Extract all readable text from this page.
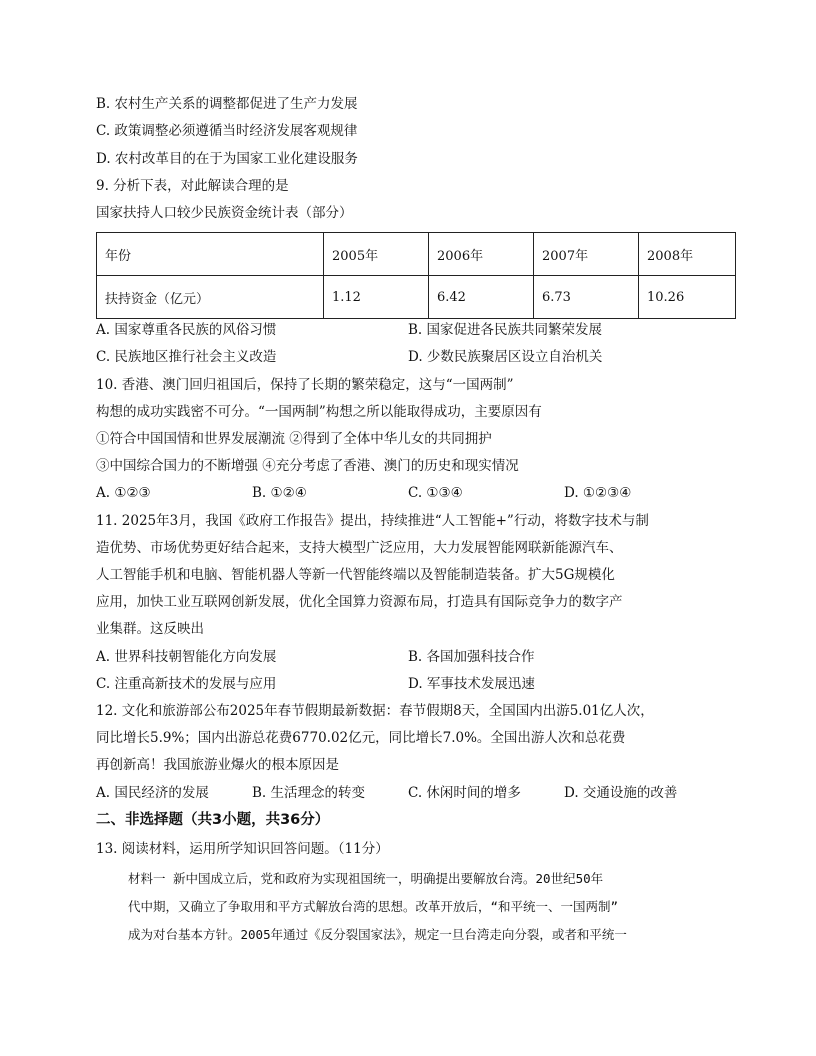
B. 农村生产关系的调整都促进了生产力发展
C. 政策调整必须遵循当时经济发展客观规律
D. 农村改革目的在于为国家工业化建设服务
9. 分析下表，对此解读合理的是
国家扶持人口较少民族资金统计表（部分）
年份	2005年	2006年	2007年	2008年
扶持资金（亿元）	1.12	6.42	6.73	10.26
A. 国家尊重各民族的风俗习惯	B. 国家促进各民族共同繁荣发展
C. 民族地区推行社会主义改造	D. 少数民族聚居区设立自治机关
10. 香港、澳门回归祖国后，保持了长期的繁荣稳定，这与“一国两制”
构想的成功实践密不可分。“一国两制”构想之所以能取得成功，主要原因有
①符合中国国情和世界发展潮流 ②得到了全体中华儿女的共同拥护
③中国综合国力的不断增强 ④充分考虑了香港、澳门的历史和现实情况
A. ①②③	B. ①②④	C. ①③④	D. ①②③④
11. 2025年3月，我国《政府工作报告》提出，持续推进“人工智能+”行动，将数字技术与制
造优势、市场优势更好结合起来，支持大模型广泛应用，大力发展智能网联新能源汽车、
人工智能手机和电脑、智能机器人等新一代智能终端以及智能制造装备。扩大5G规模化
应用，加快工业互联网创新发展，优化全国算力资源布局，打造具有国际竞争力的数字产
业集群。这反映出
A. 世界科技朝智能化方向发展	B. 各国加强科技合作
C. 注重高新技术的发展与应用	D. 军事技术发展迅速
12. 文化和旅游部公布2025年春节假期最新数据：春节假期8天，全国国内出游5.01亿人次，
同比增长5.9%；国内出游总花费6770.02亿元，同比增长7.0%。全国出游人次和总花费
再创新高！我国旅游业爆火的根本原因是
A. 国民经济的发展	B. 生活理念的转变	C. 休闲时间的增多	D. 交通设施的改善
二、非选择题（共3小题，共36分）
13. 阅读材料，运用所学知识回答问题。（11分）
材料一 新中国成立后，党和政府为实现祖国统一，明确提出要解放台湾。20世纪50年
代中期，又确立了争取用和平方式解放台湾的思想。改革开放后，“和平统一、一国两制”
成为对台基本方针。2005年通过《反分裂国家法》，规定一旦台湾走向分裂，或者和平统一
